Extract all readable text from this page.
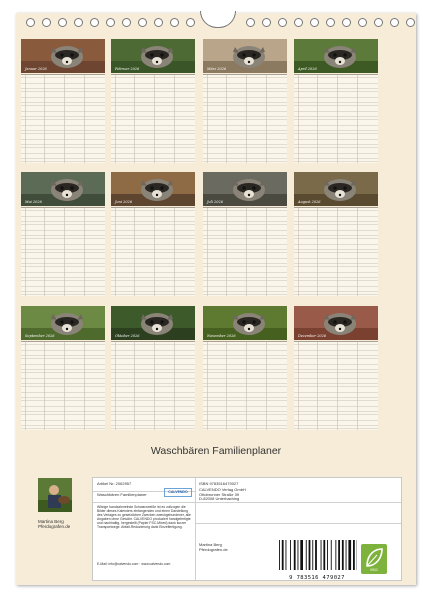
Januar 2026	Februar 2026	März 2026	April 2026
Mai 2026	Juni 2026	Juli 2026	August 2026
September 2026	Oktober 2026	November 2026	Dezember 2026
Waschbären Familienplaner
Martina Berg
Pferdografen.de
Artikel Nr: 2062957
CALVENDO
Waschbären Familienplaner
Witzige handzahmelnde Schwarzweiße ist es vollzogen die Bilder dieses Kalenders einfangenden und einen Darstellung des Verlages zu gesetzlichen Zwecken zweckgebundener, alle Angaben ohne Gewähr. CALVENDO produziert handgefertigte und nachhaltig, hergestellt (Papier FSC-Mixed) dank kurzer Transportwege. Abfall-Reduzierung dank Einzelfertigung.
E-Mail: info@calvendo.com · www.calvendo.com
ISBN 9783516479027
CALVENDO Verlag GmbH
Ottobrunner Straße 39
D-82008 Unterhaching
Martina Berg
Pferdografen.de
9 783516 479027
eco
